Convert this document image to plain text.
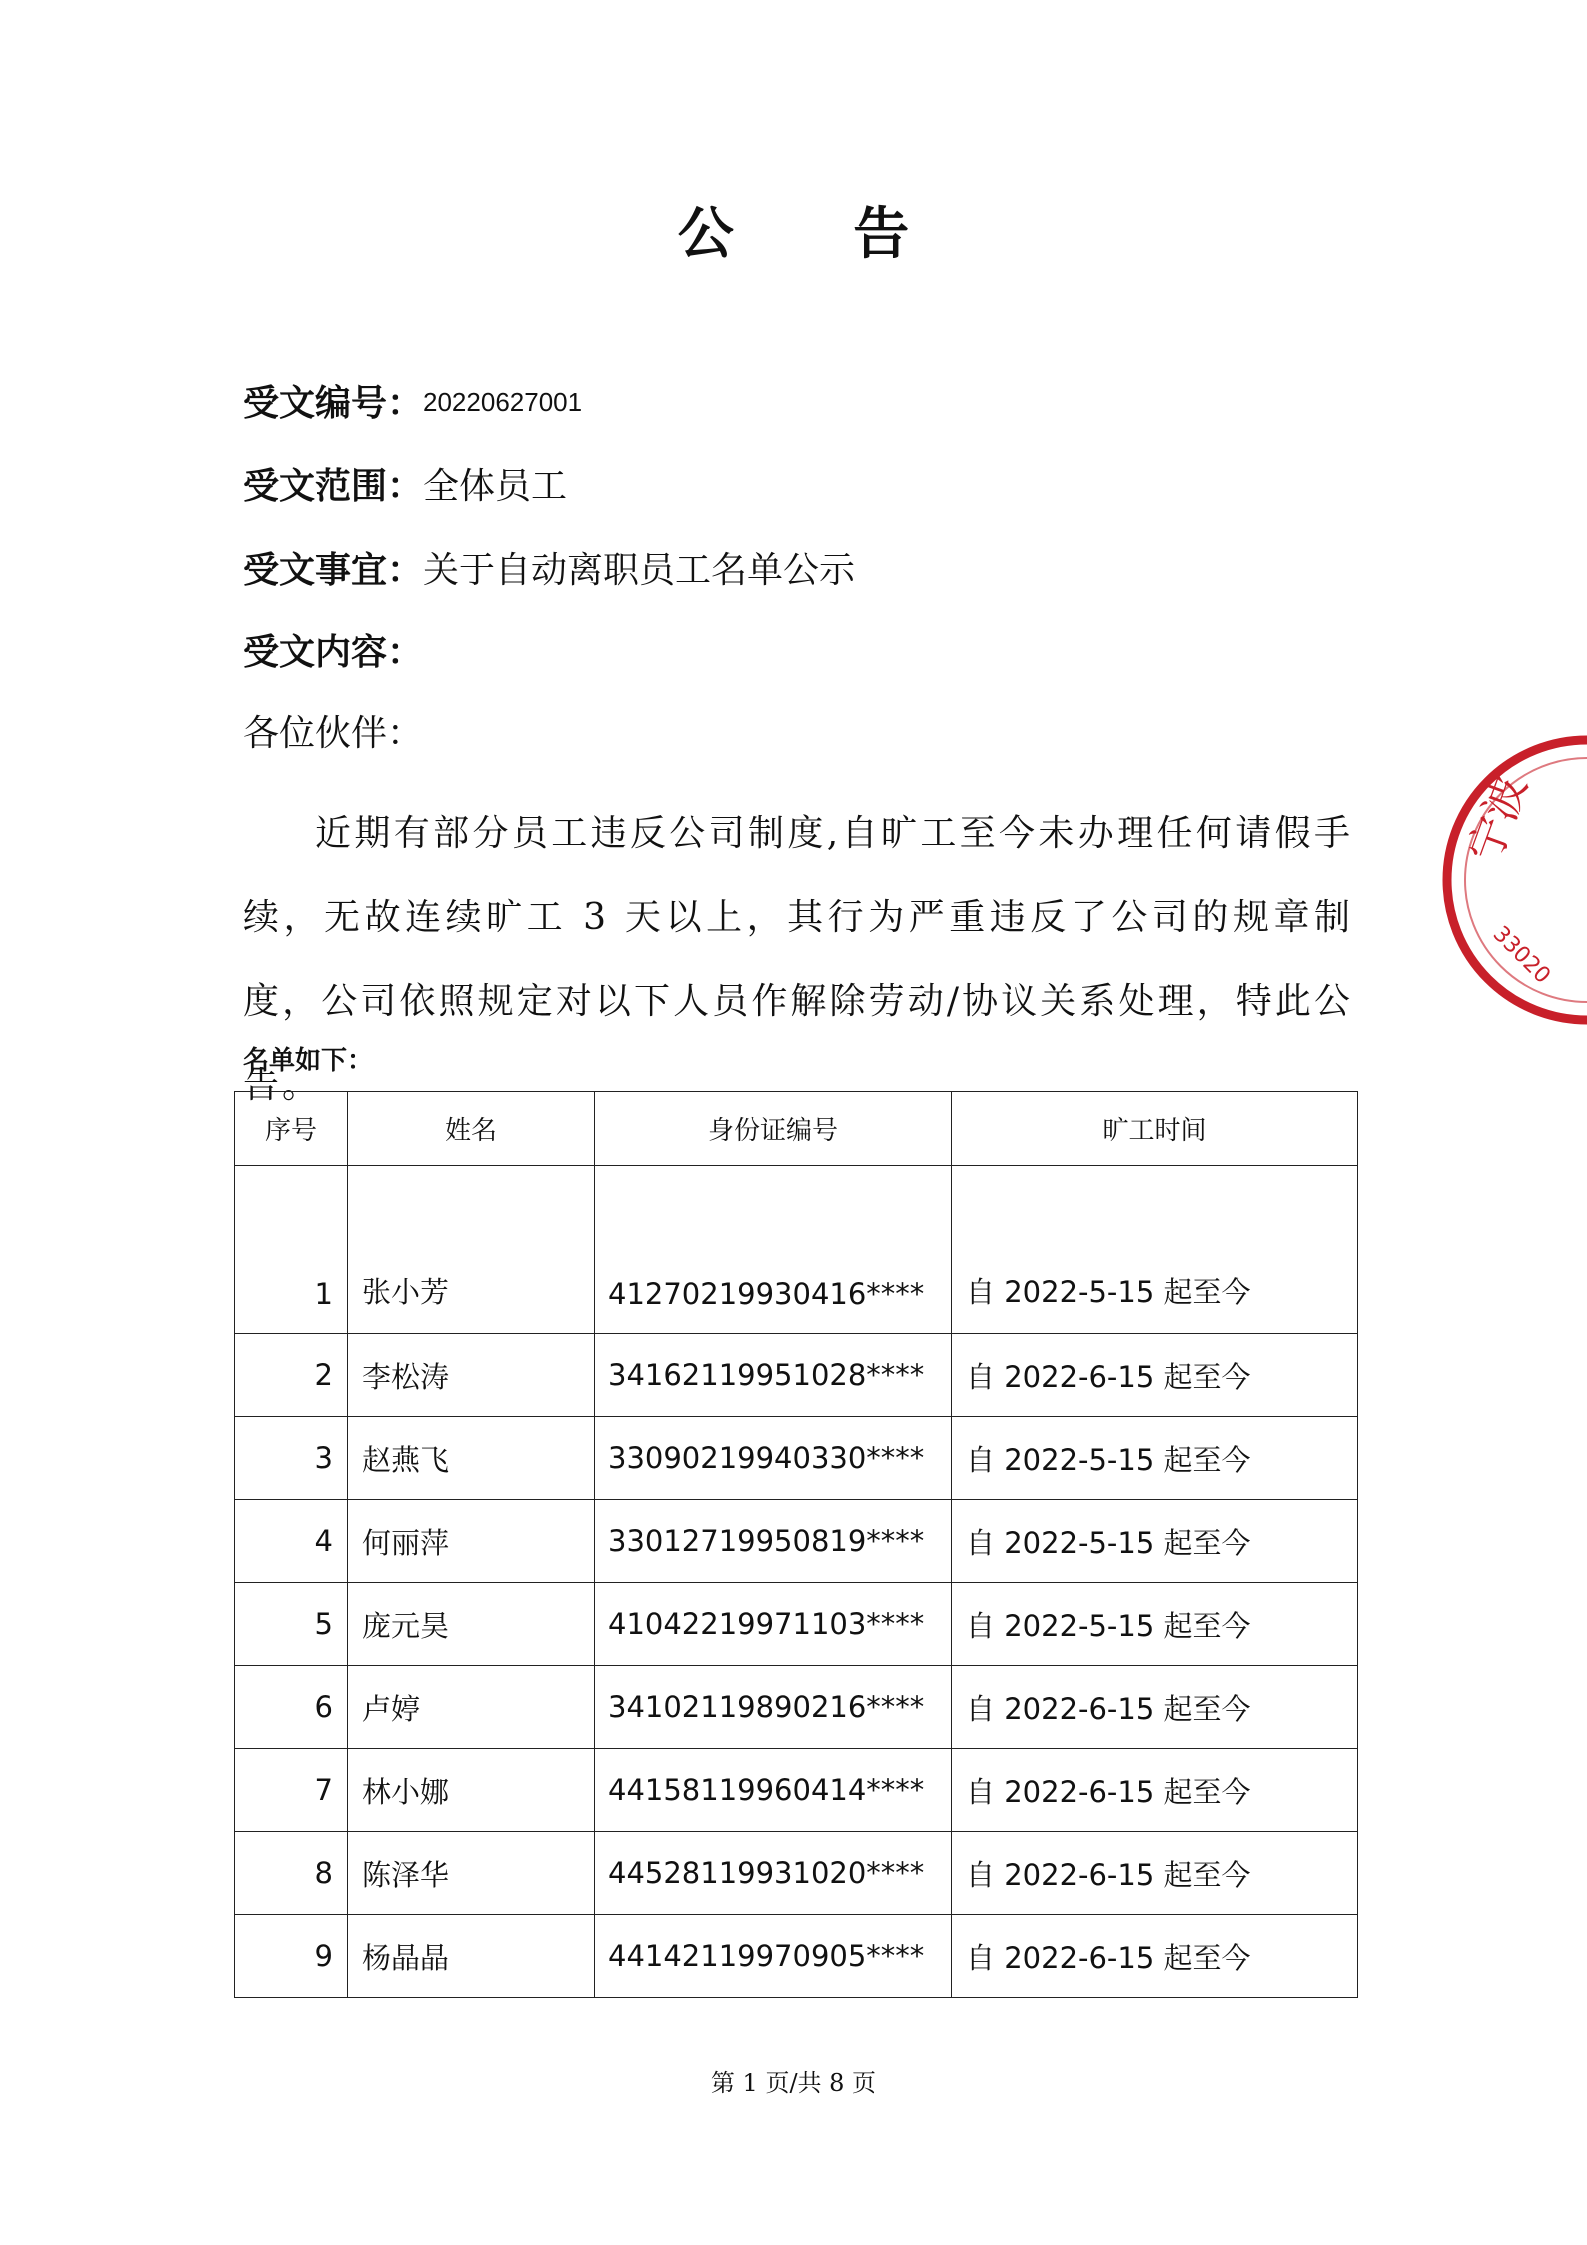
公 告
受文编号：20220627001
受文范围：全体员工
受文事宜：关于自动离职员工名单公示
受文内容：
各位伙伴：
近期有部分员工违反公司制度,自旷工至今未办理任何请假手续，无故连续旷工 3 天以上，其行为严重违反了公司的规章制度，公司依照规定对以下人员作解除劳动/协议关系处理，特此公告。
名单如下：
序号	姓名	身份证编号	旷工时间
1	张小芳	41270219930416****	自 2022-5-15 起至今
2	李松涛	34162119951028****	自 2022-6-15 起至今
3	赵燕飞	33090219940330****	自 2022-5-15 起至今
4	何丽萍	33012719950819****	自 2022-5-15 起至今
5	庞元昊	41042219971103****	自 2022-5-15 起至今
6	卢婷	34102119890216****	自 2022-6-15 起至今
7	林小娜	44158119960414****	自 2022-6-15 起至今
8	陈泽华	44528119931020****	自 2022-6-15 起至今
9	杨晶晶	44142119970905****	自 2022-6-15 起至今
第 1 页/共 8 页
宁波
33020
